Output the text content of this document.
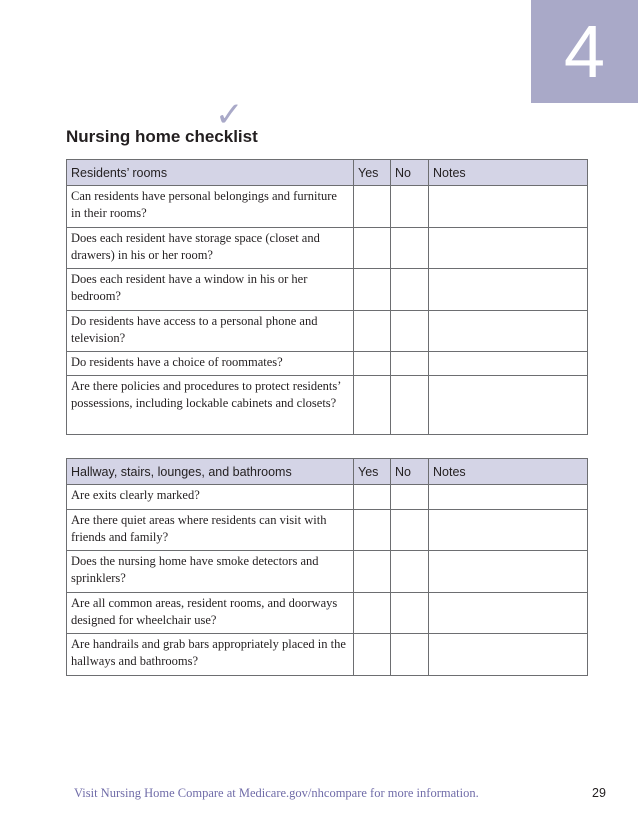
4
✓
Nursing home checklist
Residents’ rooms	Yes	No	Notes
Can residents have personal belongings and furniture in their rooms?			
Does each resident have storage space (closet and drawers) in his or her room?			
Does each resident have a window in his or her bedroom?			
Do residents have access to a personal phone and television?			
Do residents have a choice of roommates?			
Are there policies and procedures to protect residents’ possessions, including lockable cabinets and closets?			
Hallway, stairs, lounges, and bathrooms	Yes	No	Notes
Are exits clearly marked?			
Are there quiet areas where residents can visit with friends and family?			
Does the nursing home have smoke detectors and sprinklers?			
Are all common areas, resident rooms, and doorways designed for wheelchair use?			
Are handrails and grab bars appropriately placed in the hallways and bathrooms?			
Visit Nursing Home Compare at Medicare.gov/nhcompare for more information.	29
